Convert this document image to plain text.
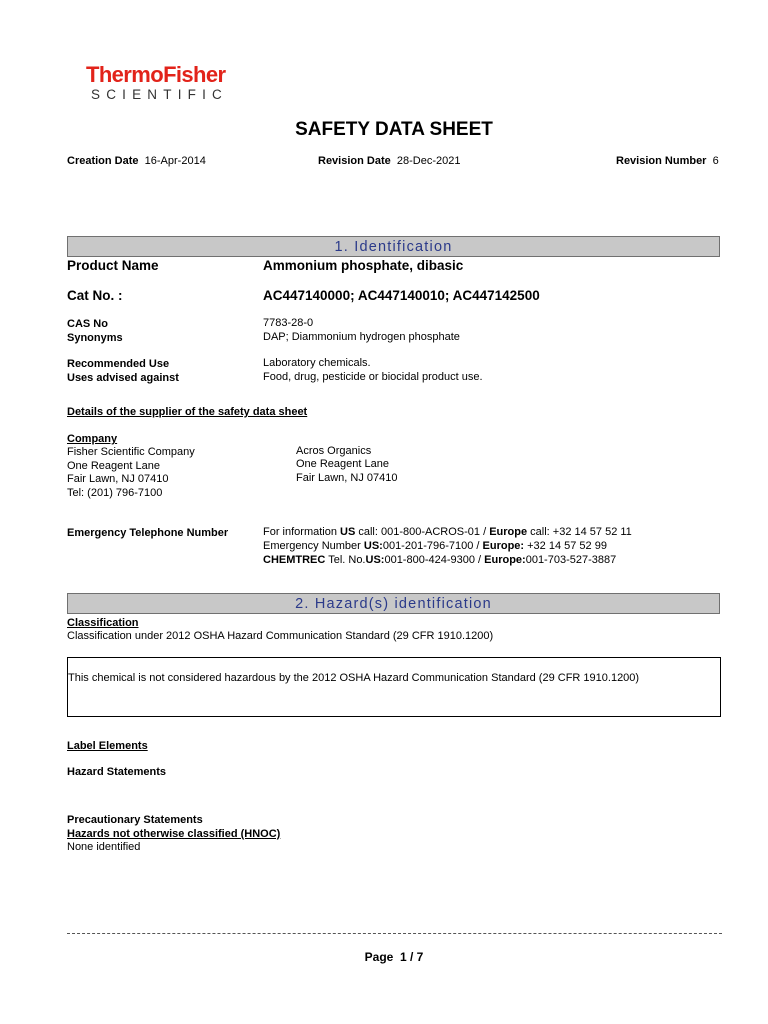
ThermoFisher
SCIENTIFIC
SAFETY DATA SHEET
Creation Date 16-Apr-2014	Revision Date 28-Dec-2021	Revision Number 6
1. Identification
Product Name	Ammonium phosphate, dibasic
Cat No. :	AC447140000; AC447140010; AC447142500
CAS No	7783-28-0
Synonyms	DAP; Diammonium hydrogen phosphate
Recommended Use	Laboratory chemicals.
Uses advised against	Food, drug, pesticide or biocidal product use.
Details of the supplier of the safety data sheet
Company
Fisher Scientific Company
One Reagent Lane
Fair Lawn, NJ 07410
Tel: (201) 796-7100
Acros Organics
One Reagent Lane
Fair Lawn, NJ 07410
Emergency Telephone Number	For information US call: 001-800-ACROS-01 / Europe call: +32 14 57 52 11
Emergency Number US:001-201-796-7100 / Europe: +32 14 57 52 99
CHEMTREC Tel. No.US:001-800-424-9300 / Europe:001-703-527-3887
2. Hazard(s) identification
Classification
Classification under 2012 OSHA Hazard Communication Standard (29 CFR 1910.1200)
This chemical is not considered hazardous by the 2012 OSHA Hazard Communication Standard (29 CFR 1910.1200)
Label Elements
Hazard Statements
Precautionary Statements
Hazards not otherwise classified (HNOC)
None identified
Page  1 / 7
